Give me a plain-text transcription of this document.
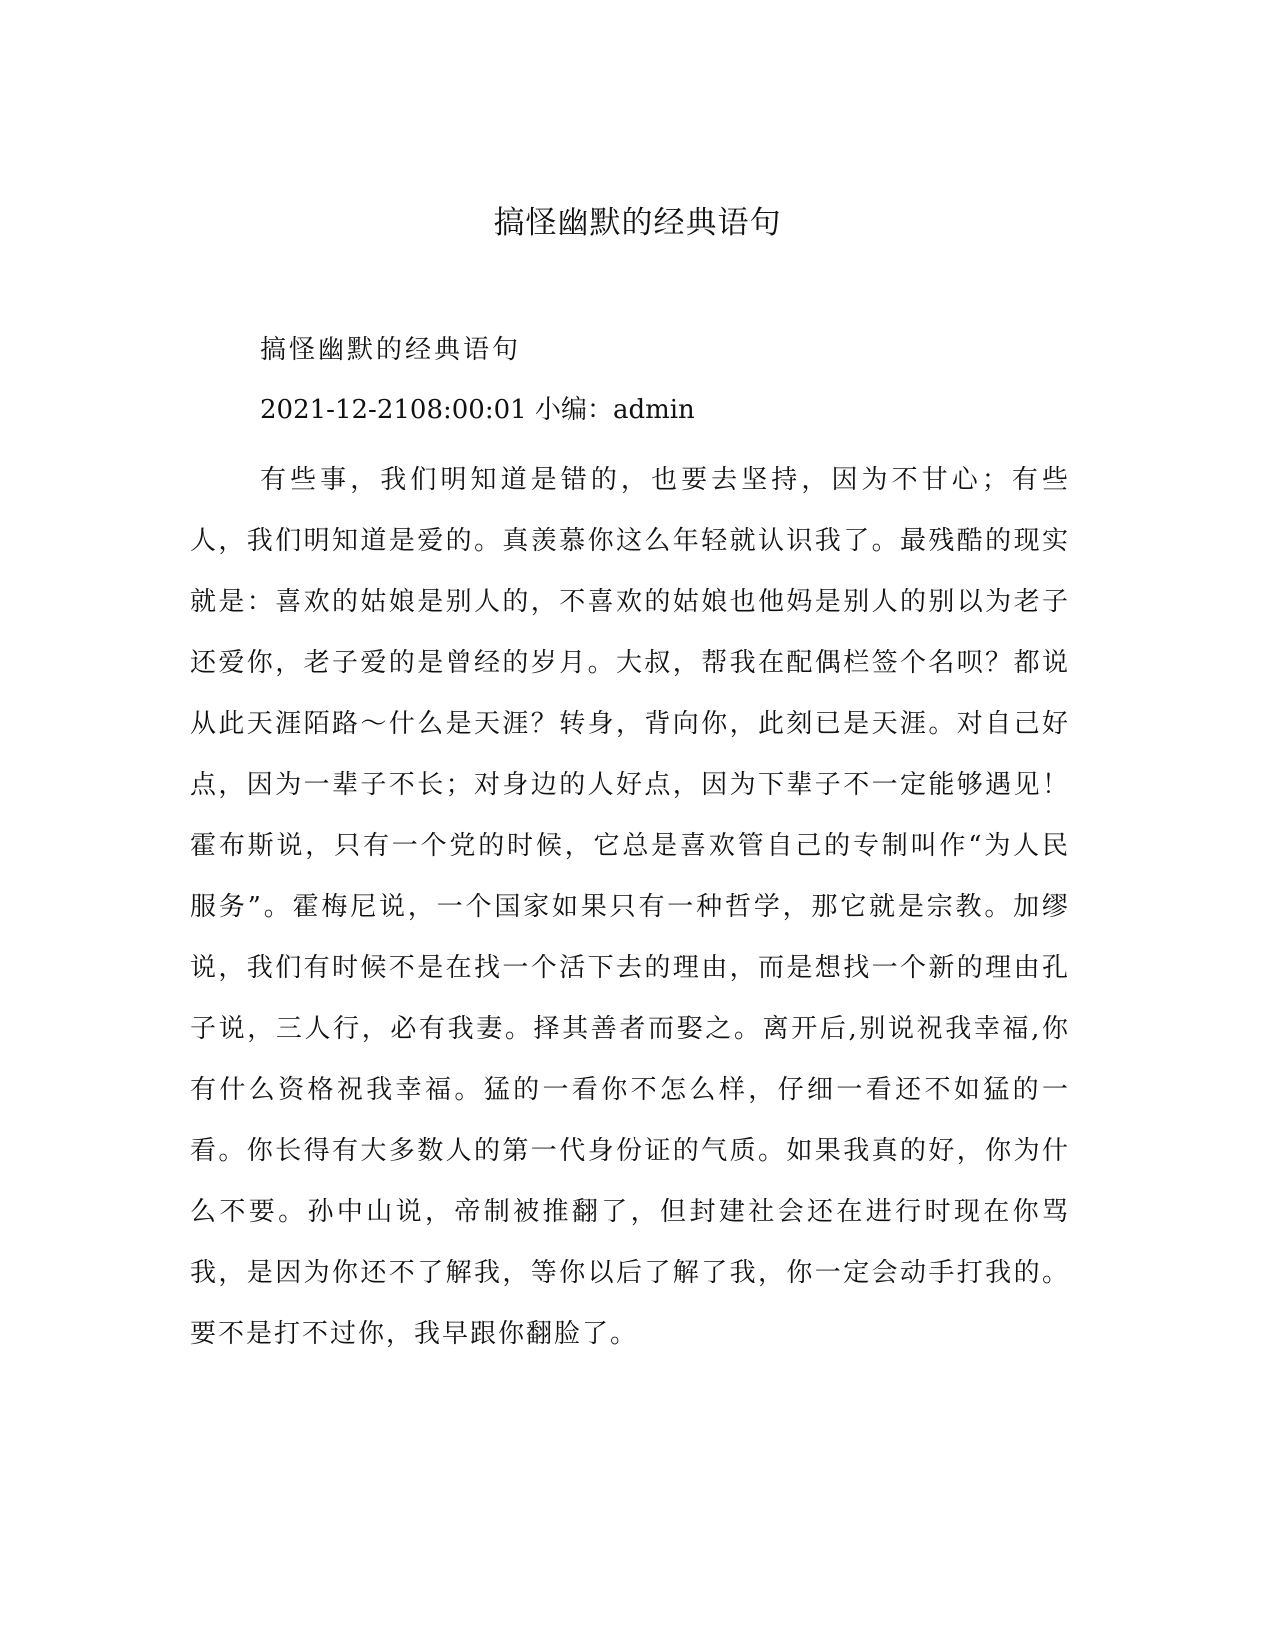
搞怪幽默的经典语句
搞怪幽默的经典语句
2021-12-2108:00:01 小编：admin

有些事，我们明知道是错的，也要去坚持，因为不甘心；有些人，我们明知道是爱的。真羡慕你这么年轻就认识我了。最残酷的现实就是：喜欢的姑娘是别人的，不喜欢的姑娘也他妈是别人的别以为老子还爱你，老子爱的是曾经的岁月。大叔，帮我在配偶栏签个名呗？都说从此天涯陌路～什么是天涯？转身，背向你，此刻已是天涯。对自己好点，因为一辈子不长；对身边的人好点，因为下辈子不一定能够遇见！霍布斯说，只有一个党的时候，它总是喜欢管自己的专制叫作“为人民服务”。霍梅尼说，一个国家如果只有一种哲学，那它就是宗教。加缪说，我们有时候不是在找一个活下去的理由，而是想找一个新的理由孔子说，三人行，必有我妻。择其善者而娶之。离开后,别说祝我幸福,你有什么资格祝我幸福。猛的一看你不怎么样，仔细一看还不如猛的一看。你长得有大多数人的第一代身份证的气质。如果我真的好，你为什么不要。孙中山说，帝制被推翻了，但封建社会还在进行时现在你骂我，是因为你还不了解我，等你以后了解了我，你一定会动手打我的。要不是打不过你，我早跟你翻脸了。
